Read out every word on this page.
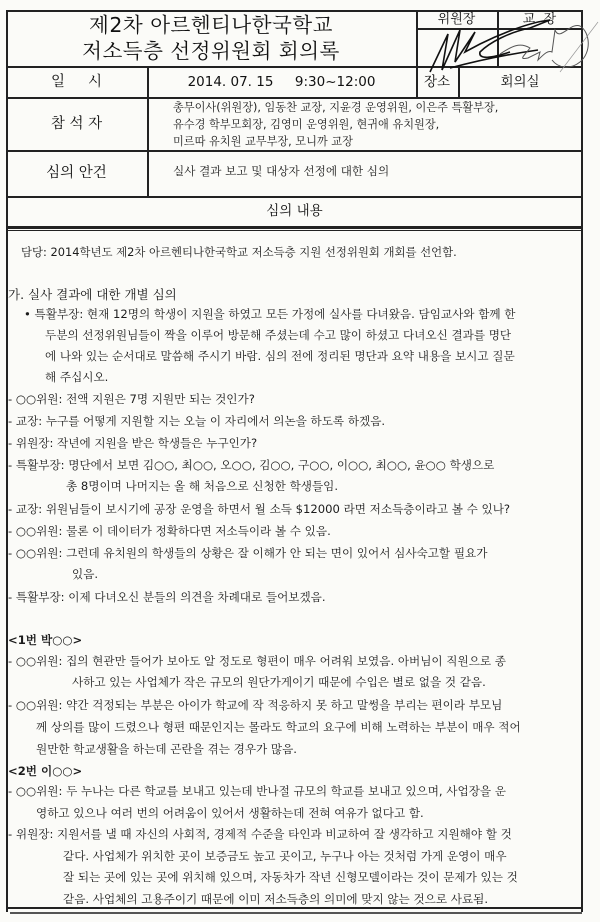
제2차 아르헨티나한국학교
저소득층 선정위원회 회의록
위원장	교  장
일     시	2014. 07. 15     9:30~12:00	장소	회의실
참 석 자
총무이사(위원장), 임동찬 교장, 지윤경 운영위원, 이은주 특활부장,
유수경 학부모회장, 김영미 운영위원, 현귀애 유치원장,
미르따 유치원 교무부장, 모니까 교장
심의 안건	실사 결과 보고 및 대상자 선정에 대한 심의
심의 내용
담당: 2014학년도 제2차 아르헨티나한국학교 저소득층 지원 선정위원회 개회를 선언함.
가. 실사 결과에 대한 개별 심의
• 특활부장: 현재 12명의 학생이 지원을 하였고 모든 가정에 실사를 다녀왔음. 담임교사와 함께 한
두분의 선정위원님들이 짝을 이루어 방문해 주셨는데 수고 많이 하셨고 다녀오신 결과를 명단
에 나와 있는 순서대로 말씀해 주시기 바람. 심의 전에 정리된 명단과 요약 내용을 보시고 질문
해 주십시오.
- ○○위원: 전액 지원은 7명 지원만 되는 것인가?
- 교장: 누구를 어떻게 지원할 지는 오늘 이 자리에서 의논을 하도록 하겠음.
- 위원장: 작년에 지원을 받은 학생들은 누구인가?
- 특활부장: 명단에서 보면 김○○, 최○○, 오○○, 김○○, 구○○, 이○○, 최○○, 윤○○ 학생으로
총 8명이며 나머지는 올 해 처음으로 신청한 학생들임.
- 교장: 위원님들이 보시기에 공장 운영을 하면서 월 소득 $12000 라면 저소득층이라고 볼 수 있나?
- ○○위원: 물론 이 데이터가 정확하다면 저소득이라 볼 수 있음.
- ○○위원: 그런데 유치원의 학생들의 상황은 잘 이해가 안 되는 면이 있어서 심사숙고할 필요가
있음.
- 특활부장: 이제 다녀오신 분들의 의견을 차례대로 들어보겠음.
<1번 박○○>
- ○○위원: 집의 현관만 들어가 보아도 알 정도로 형편이 매우 어려워 보였음. 아버님이 직원으로 종
사하고 있는 사업체가 작은 규모의 원단가게이기 때문에 수입은 별로 없을 것 같음.
- ○○위원: 약간 걱정되는 부분은 아이가 학교에 작 적응하지 못 하고 말썽을 부리는 편이라 부모님
께 상의를 많이 드렸으나 형편 때문인지는 몰라도 학교의 요구에 비해 노력하는 부분이 매우 적어
원만한 학교생활을 하는데 곤란을 겪는 경우가 많음.
<2번 이○○>
- ○○위원: 두 누나는 다른 학교를 보내고 있는데 반나절 규모의 학교를 보내고 있으며, 사업장을 운
영하고 있으나 여러 번의 어려움이 있어서 생활하는데 전혀 여유가 없다고 함.
- 위원장: 지원서를 낼 때 자신의 사회적, 경제적 수준을 타인과 비교하여 잘 생각하고 지원해야 할 것
같다. 사업체가 위치한 곳이 보증금도 높고 곳이고, 누구나 아는 것처럼 가게 운영이 매우
잘 되는 곳에 있는 곳에 위치해 있으며, 자동차가 작년 신형모델이라는 것이 문제가 있는 것
같음. 사업체의 고용주이기 때문에 이미 저소득층의 의미에 맞지 않는 것으로 사료됨.
